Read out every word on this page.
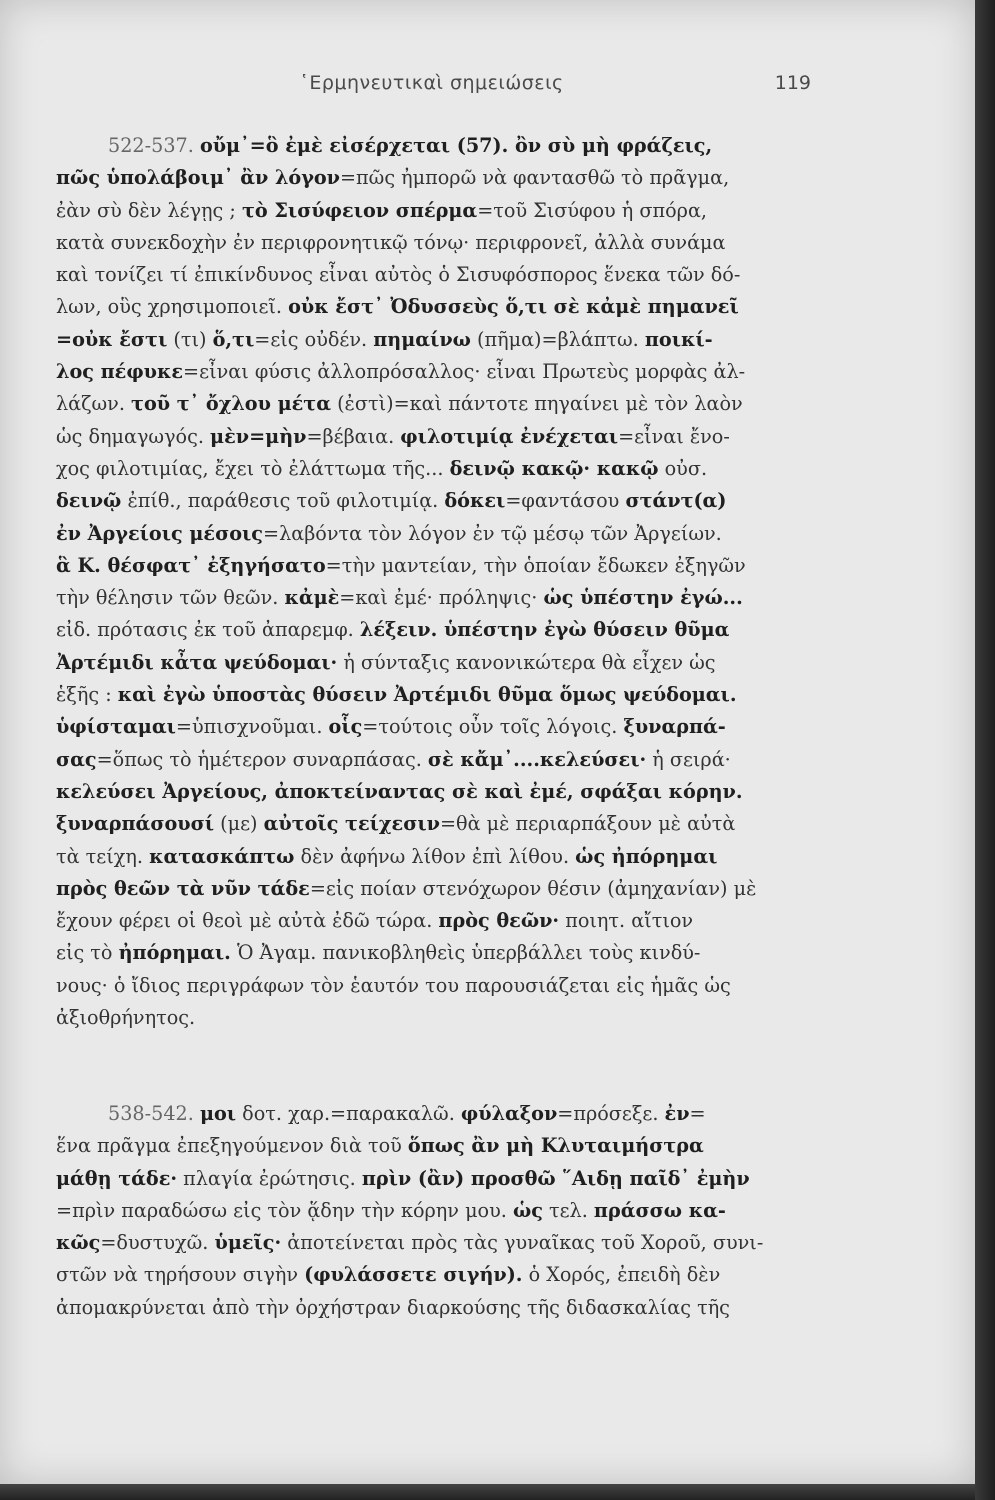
῾Ερμηνευτικαὶ σημειώσεις	119
522-537. οὔμ᾽=ὃ ἐμὲ εἰσέρχεται (57). ὂν σὺ μὴ φράζεις,
πῶς ὑπολάβοιμ᾽ ἂν λόγον=πῶς ἠμπορῶ νὰ φαντασθῶ τὸ πρᾶγμα,
ἐὰν σὺ δὲν λέγῃς ; τὸ Σισύφειον σπέρμα=τοῦ Σισύφου ἡ σπόρα,
κατὰ συνεκδοχὴν ἐν περιφρονητικῷ τόνῳ· περιφρονεῖ, ἀλλὰ συνάμα
καὶ τονίζει τί ἐπικίνδυνος εἶναι αὐτὸς ὁ Σισυφόσπορος ἕνεκα τῶν δό-
λων, οὓς χρησιμοποιεῖ. οὐκ ἔστ᾽ Ὀδυσσεὺς ὅ,τι σὲ κἀμὲ πημανεῖ
=οὐκ ἔστι (τι) ὅ,τι=εἰς οὐδέν. πημαίνω (πῆμα)=βλάπτω. ποικί-
λος πέφυκε=εἶναι φύσις ἀλλοπρόσαλλος· εἶναι Πρωτεὺς μορφὰς ἀλ-
λάζων. τοῦ τ᾽ ὄχλου μέτα (ἐστὶ)=καὶ πάντοτε πηγαίνει μὲ τὸν λαὸν
ὡς δημαγωγός. μὲν=μὴν=βέβαια. φιλοτιμίᾳ ἐνέχεται=εἶναι ἔνο-
χος φιλοτιμίας, ἔχει τὸ ἐλάττωμα τῆς... δεινῷ κακῷ· κακῷ οὐσ.
δεινῷ ἐπίθ., παράθεσις τοῦ φιλοτιμίᾳ. δόκει=φαντάσου στάντ(α)
ἐν Ἀργείοις μέσοις=λαβόντα τὸν λόγον ἐν τῷ μέσῳ τῶν Ἀργείων.
ἃ Κ. θέσφατ᾽ ἐξηγήσατο=τὴν μαντείαν, τὴν ὁποίαν ἔδωκεν ἐξηγῶν
τὴν θέλησιν τῶν θεῶν. κἀμὲ=καὶ ἐμέ· πρόληψις· ὡς ὑπέστην ἐγώ...
εἰδ. πρότασις ἐκ τοῦ ἀπαρεμφ. λέξειν. ὑπέστην ἐγὼ θύσειν θῦμα
Ἀρτέμιδι κἆτα ψεύδομαι· ἡ σύνταξις κανονικώτερα θὰ εἶχεν ὡς
ἑξῆς : καὶ ἐγὼ ὑποστὰς θύσειν Ἀρτέμιδι θῦμα ὅμως ψεύδομαι.
ὑφίσταμαι=ὑπισχνοῦμαι. οἷς=τούτοις οὖν τοῖς λόγοις. ξυναρπά-
σας=ὅπως τὸ ἡμέτερον συναρπάσας. σὲ κἄμ᾽....κελεύσει· ἡ σειρά·
κελεύσει Ἀργείους, ἀποκτείναντας σὲ καὶ ἐμέ, σφάξαι κόρην.
ξυναρπάσουσί (με) αὐτοῖς τείχεσιν=θὰ μὲ περιαρπάξουν μὲ αὐτὰ
τὰ τείχη. κατασκάπτω δὲν ἀφήνω λίθον ἐπὶ λίθου. ὡς ἠπόρημαι
πρὸς θεῶν τὰ νῦν τάδε=εἰς ποίαν στενόχωρον θέσιν (ἀμηχανίαν) μὲ
ἔχουν φέρει οἱ θεοὶ μὲ αὐτὰ ἐδῶ τώρα. πρὸς θεῶν· ποιητ. αἴτιον
εἰς τὸ ἠπόρημαι. Ὁ Ἀγαμ. πανικοβληθεὶς ὑπερβάλλει τοὺς κινδύ-
νους· ὁ ἴδιος περιγράφων τὸν ἑαυτόν του παρουσιάζεται εἰς ἡμᾶς ὡς
ἀξιοθρήνητος.
538-542. μοι δοτ. χαρ.=παρακαλῶ. φύλαξον=πρόσεξε. ἐν=
ἕνα πρᾶγμα ἐπεξηγούμενον διὰ τοῦ ὅπως ἂν μὴ Κλυταιμήστρα
μάθῃ τάδε· πλαγία ἐρώτησις. πρὶν (ἂν) προσθῶ ῞Αιδῃ παῖδ᾽ ἐμὴν
=πρὶν παραδώσω εἰς τὸν ᾅδην τὴν κόρην μου. ὡς τελ. πράσσω κα-
κῶς=δυστυχῶ. ὑμεῖς· ἀποτείνεται πρὸς τὰς γυναῖκας τοῦ Χοροῦ, συνι-
στῶν νὰ τηρήσουν σιγὴν (φυλάσσετε σιγήν). ὁ Χορός, ἐπειδὴ δὲν
ἀπομακρύνεται ἀπὸ τὴν ὀρχήστραν διαρκούσης τῆς διδασκαλίας τῆς
